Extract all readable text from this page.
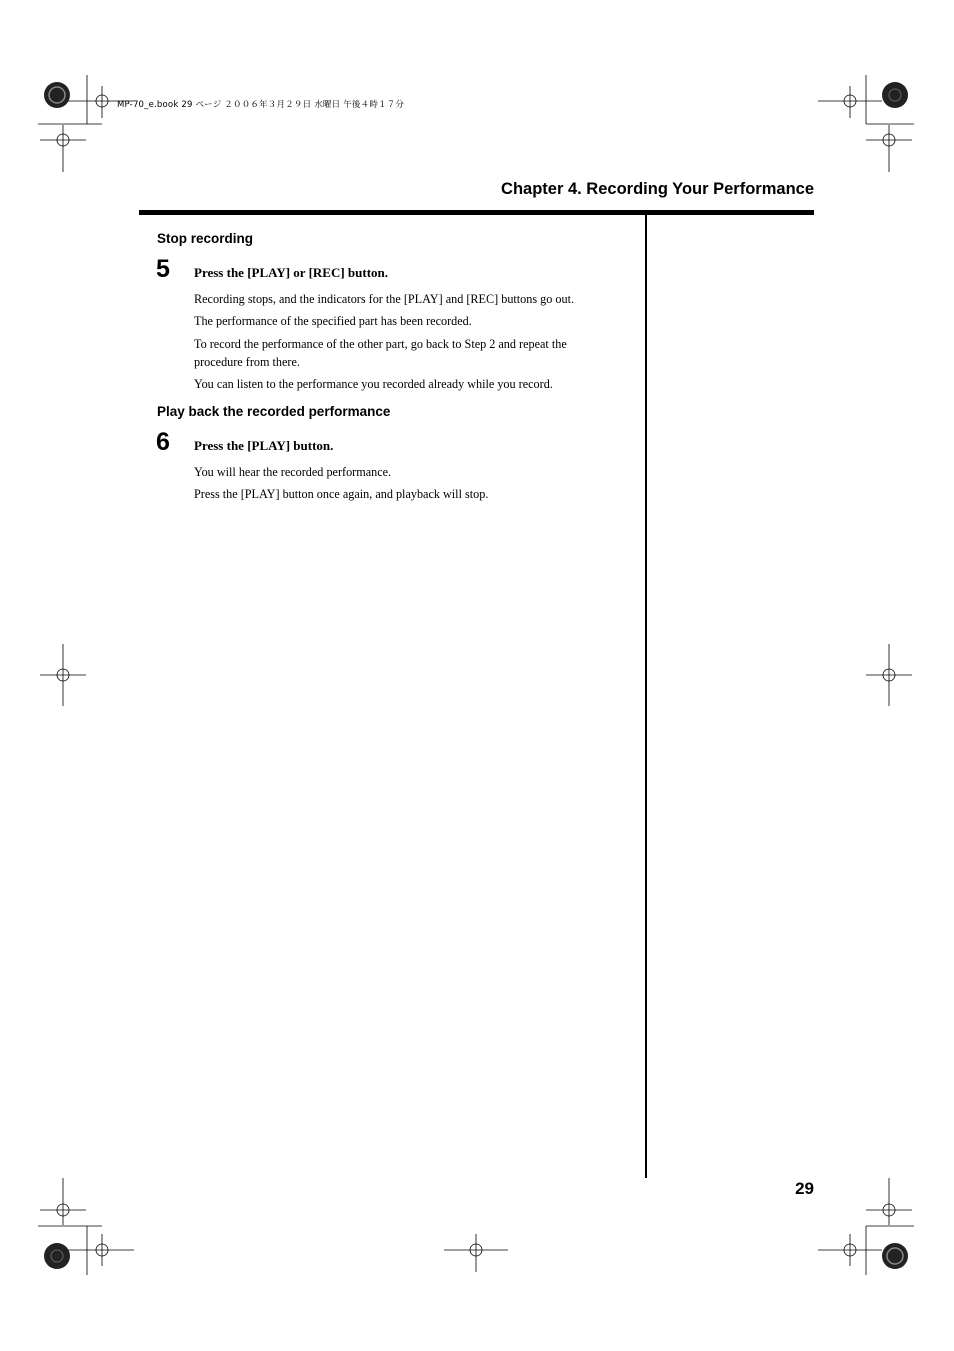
MP-70_e.book 29 ページ ２００６年３月２９日 水曜日 午後４時１７分
Chapter 4. Recording Your Performance
Stop recording
5 Press the [PLAY] or [REC] button.
Recording stops, and the indicators for the [PLAY] and [REC] buttons go out.
The performance of the specified part has been recorded.
To record the performance of the other part, go back to Step 2 and repeat the procedure from there.
You can listen to the performance you recorded already while you record.
Play back the recorded performance
6 Press the [PLAY] button.
You will hear the recorded performance.
Press the [PLAY] button once again, and playback will stop.
29
